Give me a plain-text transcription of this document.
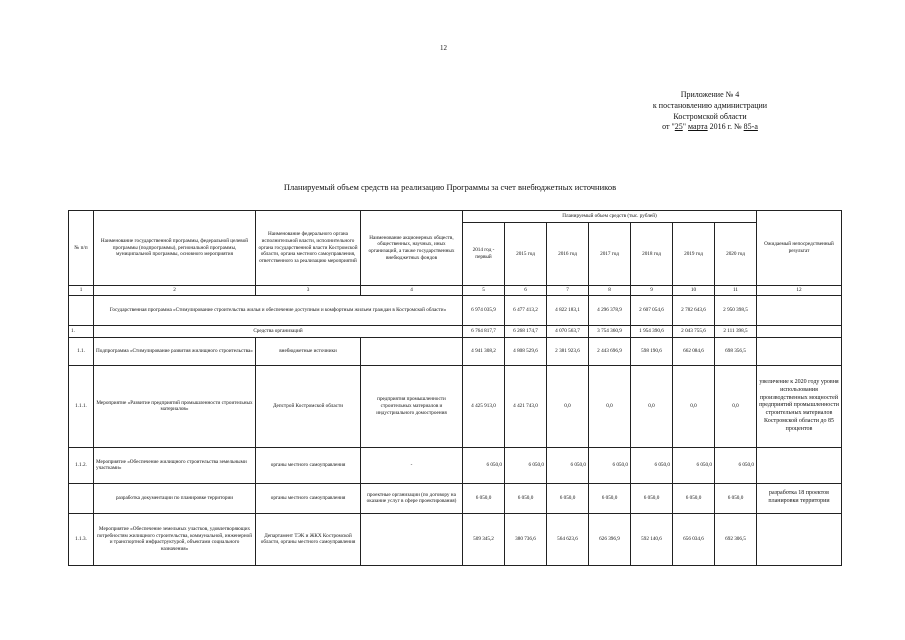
12
Приложение № 4
к постановлению администрации
Костромской области
от "25" марта 2016 г. № 85-а
Планируемый объем средств на реализацию Программы за счет внебюджетных источников
№ п/п	Наименование государственной программы, федеральной целевой программы (подпрограммы), региональной программы, муниципальной программы, основного мероприятия	Наименование федерального органа исполнительной власти, исполнительного органа государственной власти Костромской области, органа местного самоуправления, ответственного за реализацию мероприятий	Наименование акционерных обществ, общественных, научных, иных организаций, а также государственных внебюджетных фондов	Планируемый объем средств (тыс. рублей)							Ожидаемый непосредственный результат
				2014 год - первый	2015 год	2016 год	2017 год	2018 год	2019 год	2020 год	
1	2	3	4	5	6	7	8	9	10	11	12
	Государственная программа «Стимулирование строительства жилья и обеспечение доступным и комфортным жильем граждан в Костромской области»			6 974 035,9	6 477 413,2	4 822 183,1	4 296 378,9	2 607 054,6	2 782 643,6	2 950 398,5	
1.	Средства организаций			6 764 817,7	6 268 174,7	4 070 563,7	3 754 360,9	1 954 390,6	2 043 755,6	2 111 398,5	
1.1.	Подпрограмма «Стимулирование развития жилищного строительства»	внебюджетные источники		4 941 308,2	4 808 529,6	2 381 923,6	2 443 696,9	598 190,6	662 084,6	698 356,5	
1.1.1.	Мероприятие «Развитие предприятий промышленности строительных материалов»	Депстрой Костромской области	предприятия промышленности строительных материалов и индустриального домостроения	4 425 913,0	4 421 743,0	0,0	0,0	0,0	0,0	0,0	увеличение к 2020 году уровня использования производственных мощностей предприятий промышленности строительных материалов Костромской области до 85 процентов
1.1.2.	Мероприятие «Обеспечение жилищного строительства земельными участками»	органы местного самоуправления	-	6 050,0	6 050,0	6 050,0	6 050,0	6 050,0	6 050,0	6 050,0	
	разработка документации по планировке территории	органы местного самоуправления	проектные организации (по договору на оказание услуг в сфере проектирования)	6 050,0	6 050,0	6 050,0	6 050,0	6 050,0	6 050,0	6 050,0	разработка 18 проектов планировки территории
1.1.3.	Мероприятие «Обеспечение земельных участков, удовлетворяющих потребностям жилищного строительства, коммунальной, инженерной и транспортной инфраструктурой, объектами социального назначения»	Департамент ТЭК и ЖКХ Костромской области, органы местного самоуправления		509 345,2	380 736,6	564 623,6	626 396,9	592 140,6	656 034,6	692 306,5	
